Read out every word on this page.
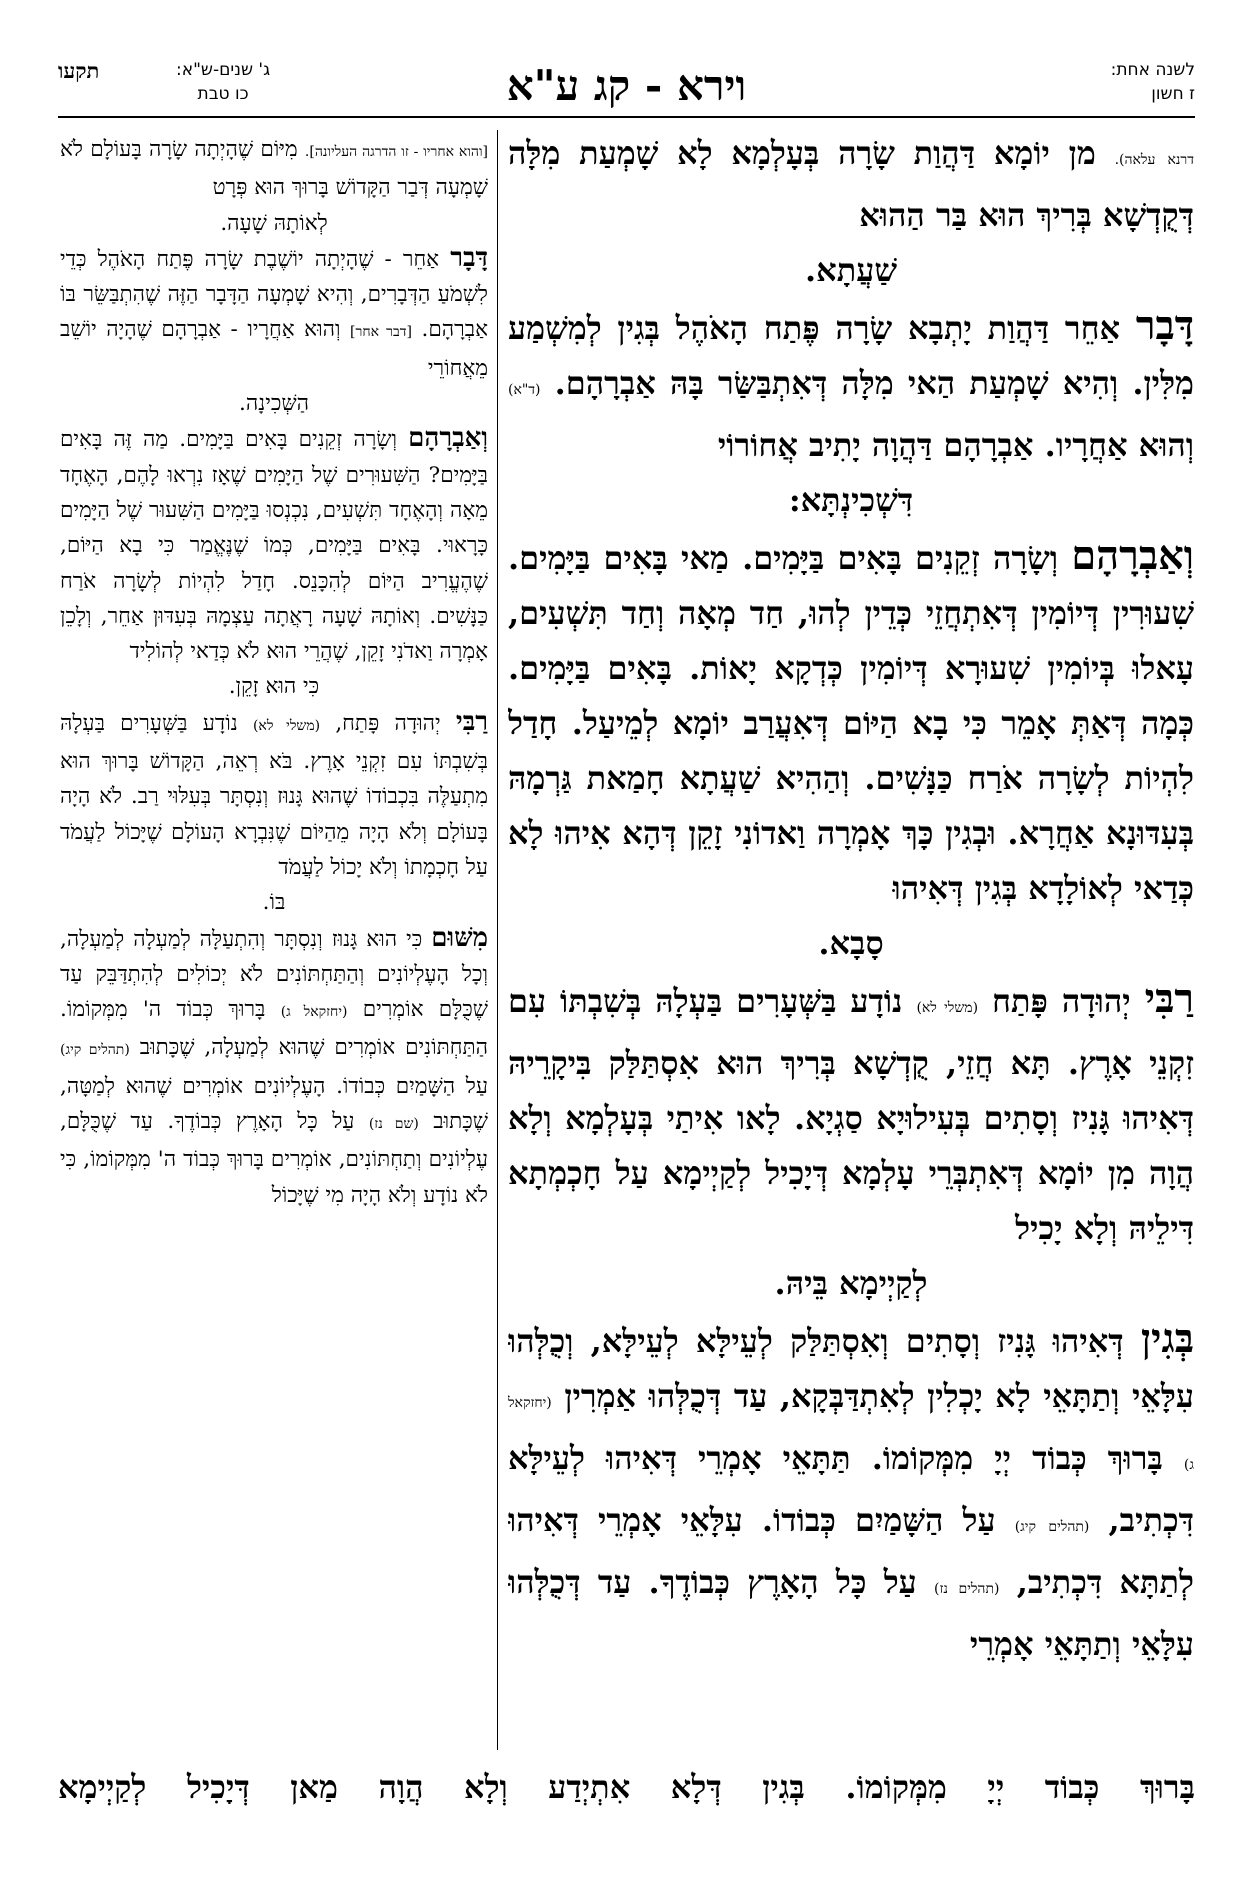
לשנה אחת:
ז חשון
וירא - קג ע"א
ג' שנים-ש"א:
כו טבת
תקעו

דרנא עלאה). מן יוֹמָא דַּהֲוַת שָׂרָה בְּעָלְמָא לָא שָׁמְעַת מִלָּה דְּקֻדְשָׁא בְּרִיךְ הוּא בַּר הַהוּא

שַׁעֲתָא.

דָּבָר אַחֵר דַּהֲוַת יָתְבָא שָׂרָה פֶּתַח הָאֹהֶל בְּגִין לְמִשְׁמַע מִלִּין. וְהִיא שָׁמְעַת הַאי מִלָּה דְּאִתְבַּשַּׂר בָּהּ אַבְרָהָם. (ד"א) וְהוּא אַחֲרָיו. אַבְרָהָם דַּהֲוָה יָתִיב אֲחוֹרוֹי

דִּשְׁכִינְתָּא:

וְאַבְרָהָם וְשָׂרָה זְקֵנִים בָּאִים בַּיָּמִים. מַאי בָּאִים בַּיָּמִים. שִׁעוּרִין דְּיוֹמִין דְּאִתְחֲזֵי כְּדֵין לְהוּ, חַד מְאָה וְחַד תִּשְׁעִים, עָאלוּ בְּיוֹמִין שִׁעוּרָא דְּיוֹמִין כְּדְקָא יָאוֹת. בָּאִים בַּיָּמִים. כְּמָה דְּאַתְּ אָמֵר כִּי בָא הַיּוֹם דְּאִעֲרַב יוֹמָא לְמֵיעַל. חָדַל לִהְיוֹת לְשָׂרָה אֹרַח כַּנָּשִׁים. וְהַהִיא שַׁעֲתָא חָמַאת גַּרְמָהּ בְּעִדּוּנָא אַחֲרָא. וּבְגִין כָּךְ אָמְרָה וַאדוֹנִי זָקֵן דְּהָא אִיהוּ לָא כְּדַאי לְאוֹלָדָא בְּגִין דְּאִיהוּ

סָבָא.

רַבִּי יְהוּדָה פָּתַח (משלי לא) נוֹדָע בַּשְּׁעָרִים בַּעְלָהּ בְּשִׁבְתּוֹ עִם זִקְנֵי אָרֶץ. תָּא חֲזֵי, קֻדְשָׁא בְּרִיךְ הוּא אִסְתַּלַּק בִּיקָרֵיהּ דְּאִיהוּ גָּנִיז וְסָתִים בְּעִילוּיָא סַגְיָא. לָאו אִיתַי בְּעָלְמָא וְלָא הֲוָה מִן יוֹמָא דְּאִתְבְּרֵי עָלְמָא דְּיָכִיל לְקַיְימָא עַל חָכְמְתָא דִּילֵיהּ וְלָא יָכִיל

לְקַיְימָא בֵּיהּ.

בְּגִין דְּאִיהוּ גָּנִיז וְסָתִים וְאִסְתַּלַּק לְעֵילָּא לְעֵילָּא, וְכֻלְּהוּ עִלָּאֵי וְתַתָּאֵי לָא יָכְלִין לְאִתְדַּבְּקָא, עַד דְּכֻלְּהוּ אַמְרִין (יחזקאל ג) בָּרוּךְ כְּבוֹד יְיָ מִמְּקוֹמוֹ. תַּתָּאֵי אָמְרֵי דְּאִיהוּ לְעֵילָּא דִּכְתִיב, (תהלים קיג) עַל הַשָּׁמַיִם כְּבוֹדוֹ. עִלָּאֵי אָמְרֵי דְּאִיהוּ לְתַתָּא דִּכְתִיב, (תהלים נז) עַל כָּל הָאָרֶץ כְּבוֹדֶךָ. עַד דְּכֻלְּהוּ עִלָּאֵי וְתַתָּאֵי אָמְרֵי

[והוא אחריו - זו הדרגה העליונה]. מִיּוֹם שֶׁהָיְתָה שָׂרָה בָּעוֹלָם לֹא שָׁמְעָה דְּבַר הַקָּדוֹשׁ בָּרוּךְ הוּא פְּרָט

לְאוֹתָהּ שָׁעָה.

דָּבָר אַחֵר - שֶׁהָיְתָה יוֹשֶׁבֶת שָׂרָה פֶּתַח הָאֹהֶל כְּדֵי לִשְׁמֹעַ הַדְּבָרִים, וְהִיא שָׁמְעָה הַדָּבָר הַזֶּה שֶׁהִתְבַּשֵּׂר בּוֹ אַבְרָהָם. [דבר אחר] וְהוּא אַחֲרָיו - אַבְרָהָם שֶׁהָיָה יוֹשֵׁב מֵאֲחוֹרֵי

הַשְּׁכִינָה.

וְאַבְרָהָם וְשָׂרָה זְקֵנִים בָּאִים בַּיָּמִים. מַה זֶּה בָּאִים בַּיָּמִים? הַשִּׁעוּרִים שֶׁל הַיָּמִים שֶׁאָז נִרְאוּ לָהֶם, הָאֶחָד מֵאָה וְהָאֶחָד תִּשְׁעִים, נִכְנְסוּ בַּיָּמִים הַשִּׁעוּר שֶׁל הַיָּמִים כָּרָאוּי. בָּאִים בַּיָּמִים, כְּמוֹ שֶׁנֶּאֱמַר כִּי בָא הַיּוֹם, שֶׁהֶעֱרִיב הַיּוֹם לְהִכָּנֵס. חָדַל לִהְיוֹת לְשָׂרָה אֹרַח כַּנָּשִׁים. וְאוֹתָהּ שָׁעָה רָאֲתָה עַצְמָהּ בְּעִדּוּן אַחֵר, וְלָכֵן אָמְרָה וַאדֹנִי זָקֵן, שֶׁהֲרֵי הוּא לֹא כְּדַאי לְהוֹלִיד

כִּי הוּא זָקֵן.

רַבִּי יְהוּדָה פָּתַח, (משלי לא) נוֹדָע בַּשְּׁעָרִים בַּעְלָהּ בְּשִׁבְתּוֹ עִם זִקְנֵי אָרֶץ. בֹּא רְאֵה, הַקָּדוֹשׁ בָּרוּךְ הוּא מִתְעַלֶּה בִּכְבוֹדוֹ שֶׁהוּא גָּנוּז וְנִסְתָּר בְּעִלּוּי רַב. לֹא הָיָה בָּעוֹלָם וְלֹא הָיָה מֵהַיּוֹם שֶׁנִּבְרָא הָעוֹלָם שֶׁיָּכוֹל לַעֲמֹד עַל חָכְמָתוֹ וְלֹא יָכוֹל לַעֲמֹד

בּוֹ.

מִשּׁוּם כִּי הוּא גָּנוּז וְנִסְתָּר וְהִתְעַלָּה לְמַעְלָה לְמַעְלָה, וְכָל הָעֶלְיוֹנִים וְהַתַּחְתּוֹנִים לֹא יְכוֹלִים לְהִתְדַּבֵּק עַד שֶׁכֻּלָּם אוֹמְרִים (יחזקאל ג) בָּרוּךְ כְּבוֹד ה' מִמְּקוֹמוֹ. הַתַּחְתּוֹנִים אוֹמְרִים שֶׁהוּא לְמַעְלָה, שֶׁכָּתוּב (תהלים קיג) עַל הַשָּׁמַיִם כְּבוֹדוֹ. הָעֶלְיוֹנִים אוֹמְרִים שֶׁהוּא לְמַטָּה, שֶׁכָּתוּב (שם נז) עַל כָּל הָאָרֶץ כְּבוֹדֶךָ. עַד שֶׁכֻּלָּם, עֶלְיוֹנִים וְתַחְתּוֹנִים, אוֹמְרִים בָּרוּךְ כְּבוֹד ה' מִמְּקוֹמוֹ, כִּי לֹא נוֹדָע וְלֹא הָיָה מִי שֶׁיָּכוֹל

בָּרוּךְ כְּבוֹד יְיָ מִמְּקוֹמוֹ. בְּגִין דְּלָא אִתְיְדַע וְלָא הֲוָה מַאן דְּיָכִיל לְקַיְימָא
